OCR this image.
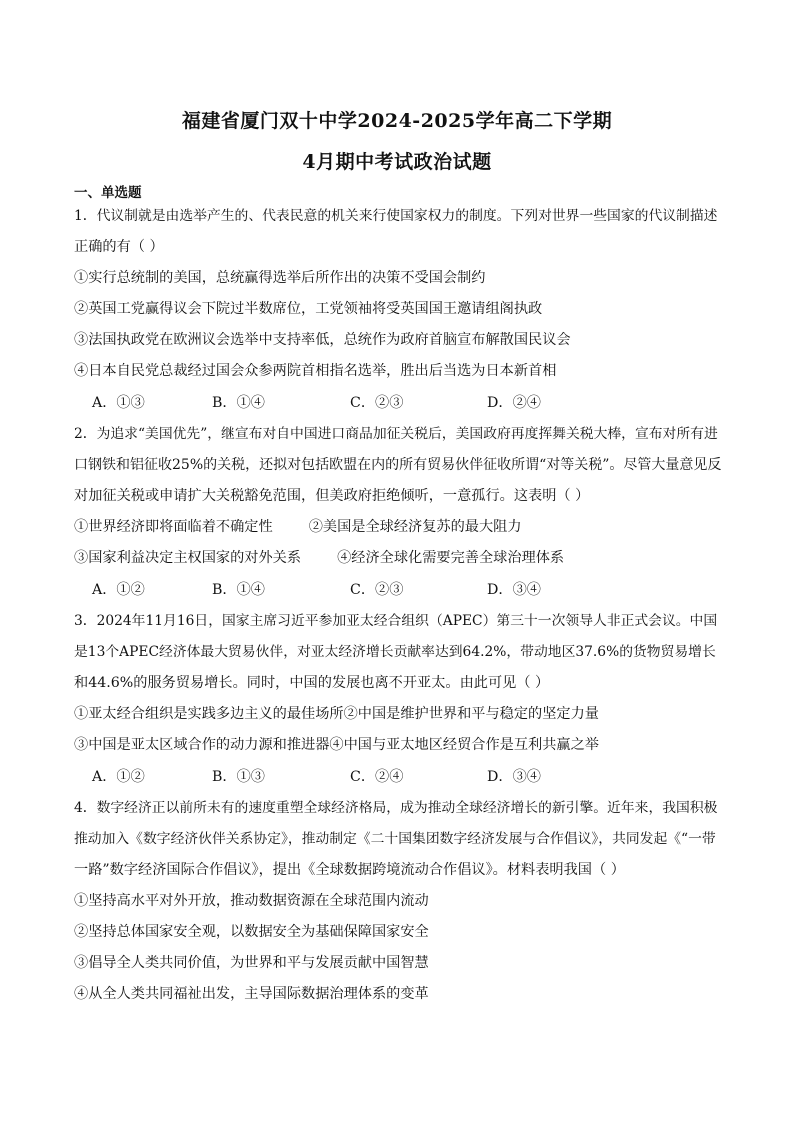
福建省厦门双十中学2024-2025学年高二下学期
4月期中考试政治试题
一、单选题
1．代议制就是由选举产生的、代表民意的机关来行使国家权力的制度。下列对世界一些国家的代议制描述
正确的有（ ）
①实行总统制的美国，总统赢得选举后所作出的决策不受国会制约
②英国工党赢得议会下院过半数席位，工党领袖将受英国国王邀请组阁执政
③法国执政党在欧洲议会选举中支持率低，总统作为政府首脑宣布解散国民议会
④日本自民党总裁经过国会众参两院首相指名选举，胜出后当选为日本新首相
A．①③	B．①④	C．②③	D．②④
2．为追求“美国优先”，继宣布对自中国进口商品加征关税后，美国政府再度挥舞关税大棒，宣布对所有进
口钢铁和铝征收25%的关税，还拟对包括欧盟在内的所有贸易伙伴征收所谓“对等关税”。尽管大量意见反
对加征关税或申请扩大关税豁免范围，但美政府拒绝倾听，一意孤行。这表明（ ）
①世界经济即将面临着不确定性        ②美国是全球经济复苏的最大阻力
③国家利益决定主权国家的对外关系        ④经济全球化需要完善全球治理体系
A．①②	B．①④	C．②③	D．③④
3．2024年11月16日，国家主席习近平参加亚太经合组织（APEC）第三十一次领导人非正式会议。中国
是13个APEC经济体最大贸易伙伴，对亚太经济增长贡献率达到64.2%，带动地区37.6%的货物贸易增长
和44.6%的服务贸易增长。同时，中国的发展也离不开亚太。由此可见（ ）
①亚太经合组织是实践多边主义的最佳场所②中国是维护世界和平与稳定的坚定力量
③中国是亚太区域合作的动力源和推进器④中国与亚太地区经贸合作是互利共赢之举
A．①②	B．①③	C．②④	D．③④
4．数字经济正以前所未有的速度重塑全球经济格局，成为推动全球经济增长的新引擎。近年来，我国积极
推动加入《数字经济伙伴关系协定》，推动制定《二十国集团数字经济发展与合作倡议》，共同发起《“一带
一路”数字经济国际合作倡议》，提出《全球数据跨境流动合作倡议》。材料表明我国（ ）
①坚持高水平对外开放，推动数据资源在全球范围内流动
②坚持总体国家安全观，以数据安全为基础保障国家安全
③倡导全人类共同价值，为世界和平与发展贡献中国智慧
④从全人类共同福祉出发，主导国际数据治理体系的变革
